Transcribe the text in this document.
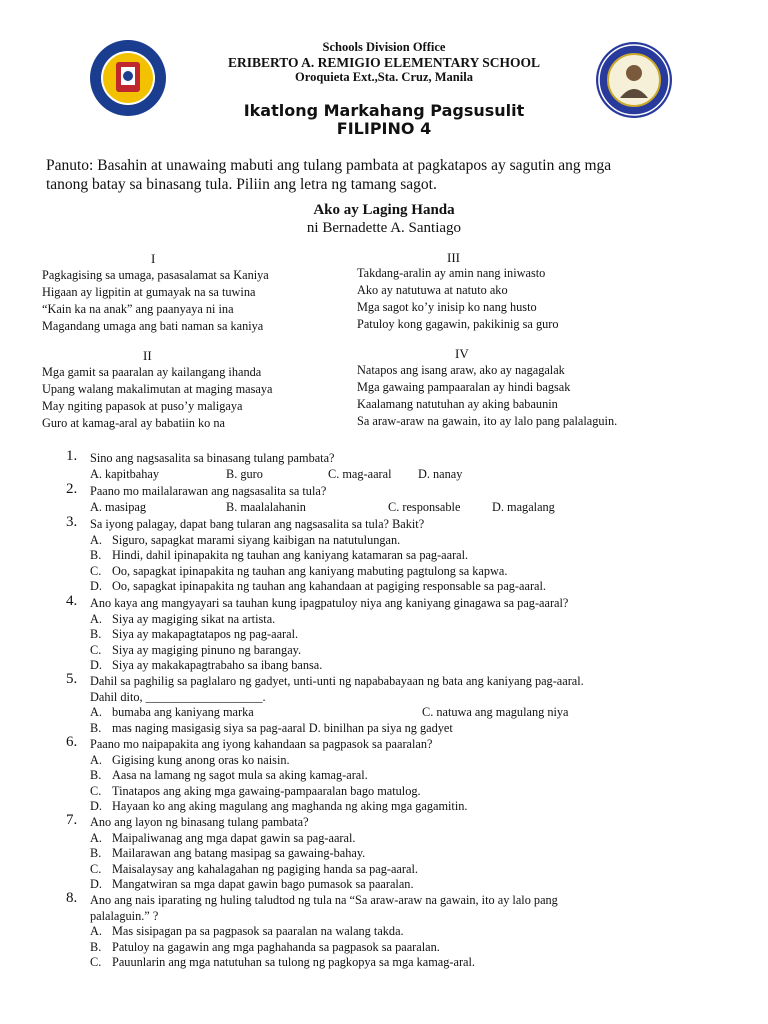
Schools Division Office
ERIBERTO A. REMIGIO ELEMENTARY SCHOOL
Oroquieta Ext.,Sta. Cruz, Manila
Ikatlong Markahang Pagsusulit
FILIPINO 4
Panuto: Basahin at unawaing mabuti ang tulang pambata at pagkatapos ay sagutin ang mga
tanong batay sa binasang tula. Piliin ang letra ng tamang sagot.
Ako ay Laging Handa
ni Bernadette A. Santiago
I
Pagkagising sa umaga, pasasalamat sa Kaniya
Higaan ay ligpitin at gumayak na sa tuwina
“Kain ka na anak” ang paanyaya ni ina
Magandang umaga ang bati naman sa kaniya
II
Mga gamit sa paaralan ay kailangang ihanda
Upang walang makalimutan at maging masaya
May ngiting papasok at puso’y maligaya
Guro at kamag-aral ay babatiin ko na
III
Takdang-aralin ay amin nang iniwasto
Ako ay natutuwa at natuto ako
Mga sagot ko’y inisip ko nang husto
Patuloy kong gagawin, pakikinig sa guro
IV
Natapos ang isang araw, ako ay nagagalak
Mga gawaing pampaaralan ay hindi bagsak
Kaalamang natutuhan ay aking babaunin
Sa araw-araw na gawain, ito ay lalo pang palalaguin.
1. Sino ang nagsasalita sa binasang tulang pambata?
A. kapitbahay	B. guro	C. mag-aaral D. nanay
2. Paano mo mailalarawan ang nagsasalita sa tula?
A. masipag	B. maalalahanin	C. responsable	D. magalang
3. Sa iyong palagay, dapat bang tularan ang nagsasalita sa tula? Bakit?
A. Siguro, sapagkat marami siyang kaibigan na natutulungan.
B. Hindi, dahil ipinapakita ng tauhan ang kaniyang katamaran sa pag-aaral.
C. Oo, sapagkat ipinapakita ng tauhan ang kaniyang mabuting pagtulong sa kapwa.
D. Oo, sapagkat ipinapakita ng tauhan ang kahandaan at pagiging responsable sa pag-aaral.
4. Ano kaya ang mangyayari sa tauhan kung ipagpatuloy niya ang kaniyang ginagawa sa pag-aaral?
A. Siya ay magiging sikat na artista.
B. Siya ay makapagtatapos ng pag-aaral.
C. Siya ay magiging pinuno ng barangay.
D. Siya ay makakapagtrabaho sa ibang bansa.
5. Dahil sa paghilig sa paglalaro ng gadyet, unti-unti ng napababayaan ng bata ang kaniyang pag-aaral.
Dahil dito, ___________________.
A. bumaba ang kaniyang marka	C. natuwa ang magulang niya
B. mas naging masigasig siya sa pag-aaral D. binilhan pa siya ng gadyet
6. Paano mo naipapakita ang iyong kahandaan sa pagpasok sa paaralan?
A. Gigising kung anong oras ko naisin.
B. Aasa na lamang ng sagot mula sa aking kamag-aral.
C. Tinatapos ang aking mga gawaing-pampaaralan bago matulog.
D. Hayaan ko ang aking magulang ang maghanda ng aking mga gagamitin.
7. Ano ang layon ng binasang tulang pambata?
A. Maipaliwanag ang mga dapat gawin sa pag-aaral.
B. Mailarawan ang batang masipag sa gawaing-bahay.
C. Maisalaysay ang kahalagahan ng pagiging handa sa pag-aaral.
D. Mangatwiran sa mga dapat gawin bago pumasok sa paaralan.
8. Ano ang nais iparating ng huling taludtod ng tula na “Sa araw-araw na gawain, ito ay lalo pang
palalaguin.” ?
A. Mas sisipagan pa sa pagpasok sa paaralan na walang takda.
B. Patuloy na gagawin ang mga paghahanda sa pagpasok sa paaralan.
C. Pauunlarin ang mga natutuhan sa tulong ng pagkopya sa mga kamag-aral.
